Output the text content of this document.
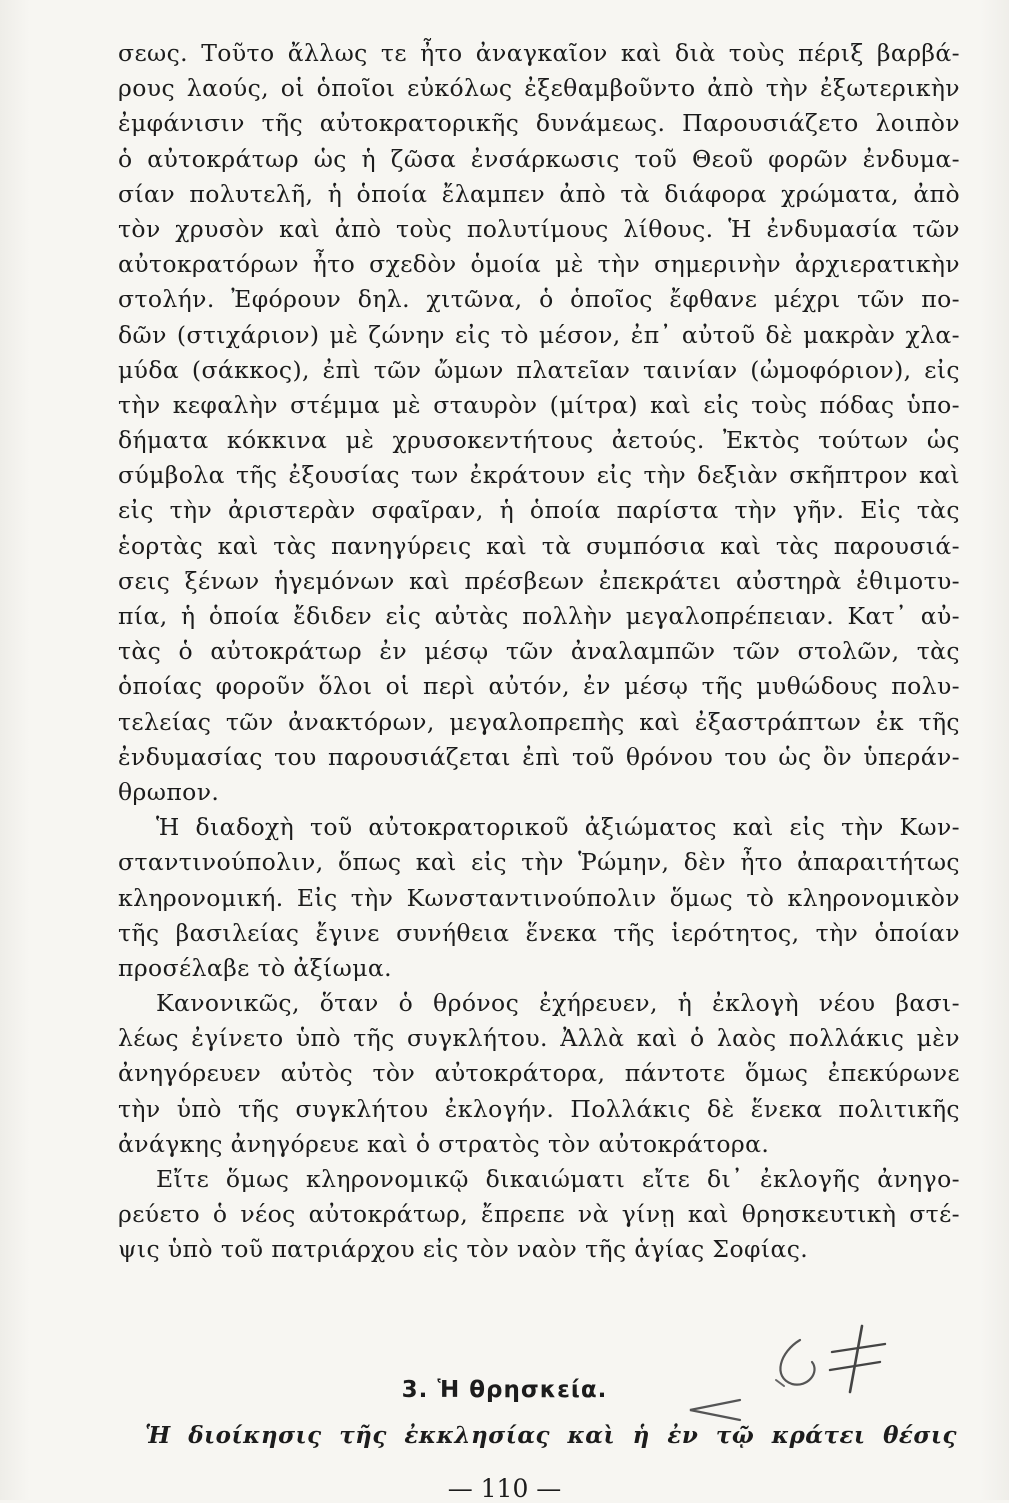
σεως. Τοῦτο ἄλλως τε ἦτο ἀναγκαῖον καὶ διὰ τοὺς πέριξ βαρβά-
ρους λαούς, οἱ ὁποῖοι εὐκόλως ἐξεθαμβοῦντο ἀπὸ τὴν ἐξωτερικὴν
ἐμφάνισιν τῆς αὐτοκρατορικῆς δυνάμεως. Παρουσιάζετο λοιπὸν
ὁ αὐτοκράτωρ ὡς ἡ ζῶσα ἐνσάρκωσις τοῦ Θεοῦ φορῶν ἐνδυμα-
σίαν πολυτελῆ, ἡ ὁποία ἔλαμπεν ἀπὸ τὰ διάφορα χρώματα, ἀπὸ
τὸν χρυσὸν καὶ ἀπὸ τοὺς πολυτίμους λίθους. Ἡ ἐνδυμασία τῶν
αὐτοκρατόρων ἦτο σχεδὸν ὁμοία μὲ τὴν σημερινὴν ἀρχιερατικὴν
στολήν. Ἐφόρουν δηλ. χιτῶνα, ὁ ὁποῖος ἔφθανε μέχρι τῶν πο-
δῶν (στιχάριον) μὲ ζώνην εἰς τὸ μέσον, ἐπ᾽ αὐτοῦ δὲ μακρὰν χλα-
μύδα (σάκκος), ἐπὶ τῶν ὤμων πλατεῖαν ταινίαν (ὠμοφόριον), εἰς
τὴν κεφαλὴν στέμμα μὲ σταυρὸν (μίτρα) καὶ εἰς τοὺς πόδας ὑπο-
δήματα κόκκινα μὲ χρυσοκεντήτους ἀετούς. Ἐκτὸς τούτων ὡς
σύμβολα τῆς ἐξουσίας των ἐκράτουν εἰς τὴν δεξιὰν σκῆπτρον καὶ
εἰς τὴν ἀριστερὰν σφαῖραν, ἡ ὁποία παρίστα τὴν γῆν. Εἰς τὰς
ἑορτὰς καὶ τὰς πανηγύρεις καὶ τὰ συμπόσια καὶ τὰς παρουσιά-
σεις ξένων ἡγεμόνων καὶ πρέσβεων ἐπεκράτει αὐστηρὰ ἐθιμοτυ-
πία, ἡ ὁποία ἔδιδεν εἰς αὐτὰς πολλὴν μεγαλοπρέπειαν. Κατ᾽ αὐ-
τὰς ὁ αὐτοκράτωρ ἐν μέσῳ τῶν ἀναλαμπῶν τῶν στολῶν, τὰς
ὁποίας φοροῦν ὅλοι οἱ περὶ αὐτόν, ἐν μέσῳ τῆς μυθώδους πολυ-
τελείας τῶν ἀνακτόρων, μεγαλοπρεπὴς καὶ ἐξαστράπτων ἐκ τῆς
ἐνδυμασίας του παρουσιάζεται ἐπὶ τοῦ θρόνου του ὡς ὂν ὑπεράν-
θρωπον.
Ἡ διαδοχὴ τοῦ αὐτοκρατορικοῦ ἀξιώματος καὶ εἰς τὴν Κων-
σταντινούπολιν, ὅπως καὶ εἰς τὴν Ῥώμην, δὲν ἦτο ἀπαραιτήτως
κληρονομική. Εἰς τὴν Κωνσταντινούπολιν ὅμως τὸ κληρονομικὸν
τῆς βασιλείας ἔγινε συνήθεια ἕνεκα τῆς ἱερότητος, τὴν ὁποίαν
προσέλαβε τὸ ἀξίωμα.
Κανονικῶς, ὅταν ὁ θρόνος ἐχήρευεν, ἡ ἐκλογὴ νέου βασι-
λέως ἐγίνετο ὑπὸ τῆς συγκλήτου. Ἀλλὰ καὶ ὁ λαὸς πολλάκις μὲν
ἀνηγόρευεν αὐτὸς τὸν αὐτοκράτορα, πάντοτε ὅμως ἐπεκύρωνε
τὴν ὑπὸ τῆς συγκλήτου ἐκλογήν. Πολλάκις δὲ ἕνεκα πολιτικῆς
ἀνάγκης ἀνηγόρευε καὶ ὁ στρατὸς τὸν αὐτοκράτορα.
Εἴτε ὅμως κληρονομικῷ δικαιώματι εἴτε δι᾽ ἐκλογῆς ἀνηγο-
ρεύετο ὁ νέος αὐτοκράτωρ, ἔπρεπε νὰ γίνῃ καὶ θρησκευτικὴ στέ-
ψις ὑπὸ τοῦ πατριάρχου εἰς τὸν ναὸν τῆς ἁγίας Σοφίας.
3. Ἡ θρησκεία.
Ἡ διοίκησις τῆς ἐκκλησίας καὶ ἡ ἐν τῷ κράτει θέσις
— 110 —
